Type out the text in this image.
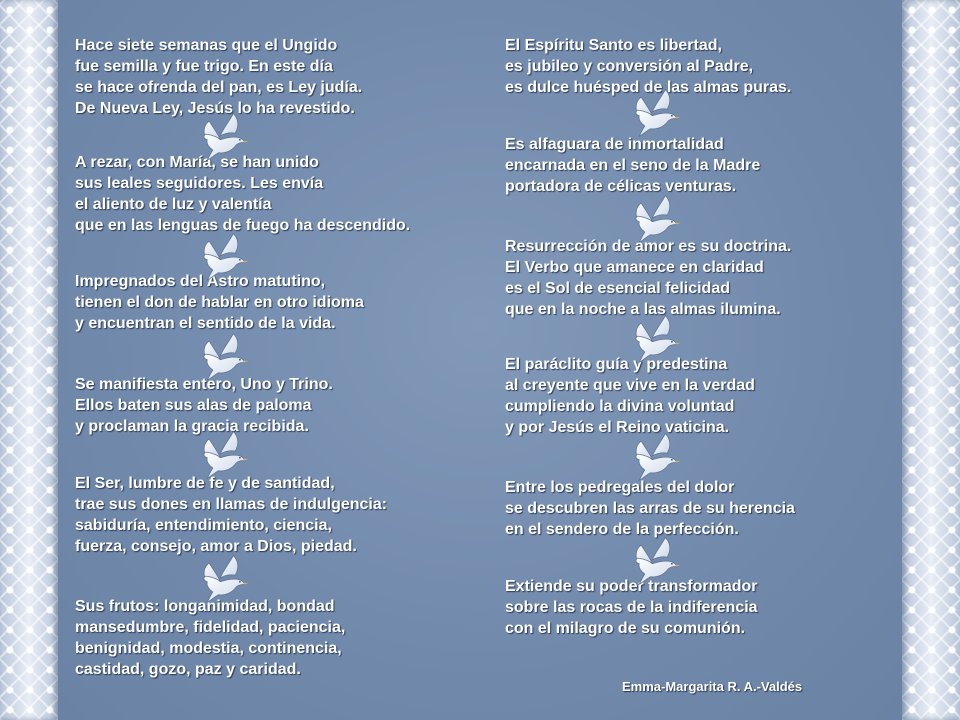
Hace siete semanas que el Ungido
fue semilla y fue trigo. En este día
se hace ofrenda del pan, es Ley judía.
De Nueva Ley, Jesús lo ha revestido.

A rezar, con María, se han unido
sus leales seguidores. Les envía
el aliento de luz y valentía
que en las lenguas de fuego ha descendido.

Impregnados del Astro matutino,
tienen el don de hablar en otro idioma
y encuentran el sentido de la vida.

Se manifiesta entero, Uno y Trino.
Ellos baten sus alas de paloma
y proclaman la gracia recibida.

El Ser, lumbre de fe y de santidad,
trae sus dones en llamas de indulgencia:
sabiduría, entendimiento, ciencia,
fuerza, consejo, amor a Dios, piedad.

Sus frutos: longanimidad, bondad
mansedumbre, fidelidad, paciencia,
benignidad, modestia, continencia,
castidad, gozo, paz y caridad.

El Espíritu Santo es libertad,
es jubileo y conversión al Padre,
es dulce huésped de las almas puras.

Es alfaguara de inmortalidad
encarnada en el seno de la Madre
portadora de célicas venturas.

Resurrección de amor es su doctrina.
El Verbo que amanece en claridad
es el Sol de esencial felicidad
que en la noche a las almas ilumina.

El paráclito guía y predestina
al creyente que vive en la verdad
cumpliendo la divina voluntad
y por Jesús el Reino vaticina.

Entre los pedregales del dolor
se descubren las arras de su herencia
en el sendero de la perfección.

Extiende su poder transformador
sobre las rocas de la indiferencia
con el milagro de su comunión.

Emma-Margarita R. A.-Valdés
